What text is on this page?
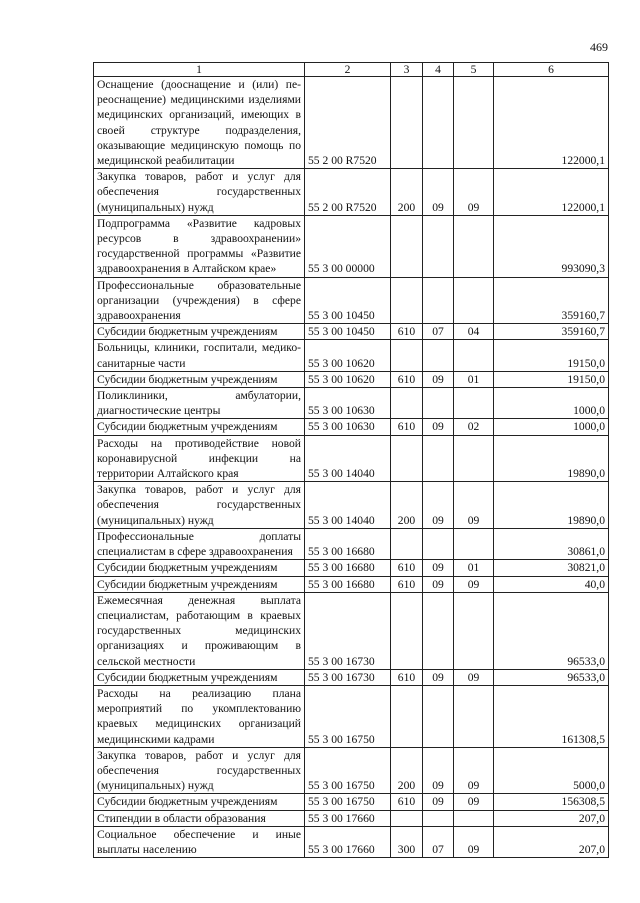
469
1	2	3	4	5	6
Оснащение (дооснащение и (или) пе-реоснащение) медицинскими изделиями медицинских организаций, имеющих в своей структуре подразделения, оказывающие медицинскую помощь по медицинской реабилитации	55 2 00 R7520				122000,1
Закупка товаров, работ и услуг для обеспечения государственных (муниципальных) нужд	55 2 00 R7520	200	09	09	122000,1
Подпрограмма «Развитие кадровых ресурсов в здравоохранении» государственной программы «Развитие здравоохранения в Алтайском крае»	55 3 00 00000				993090,3
Профессиональные образовательные организации (учреждения) в сфере здравоохранения	55 3 00 10450				359160,7
Субсидии бюджетным учреждениям	55 3 00 10450	610	07	04	359160,7
Больницы, клиники, госпитали, медико-санитарные части	55 3 00 10620				19150,0
Субсидии бюджетным учреждениям	55 3 00 10620	610	09	01	19150,0
Поликлиники, амбулатории, диагностические центры	55 3 00 10630				1000,0
Субсидии бюджетным учреждениям	55 3 00 10630	610	09	02	1000,0
Расходы на противодействие новой коронавирусной инфекции на территории Алтайского края	55 3 00 14040				19890,0
Закупка товаров, работ и услуг для обеспечения государственных (муниципальных) нужд	55 3 00 14040	200	09	09	19890,0
Профессиональные доплаты специалистам в сфере здравоохранения	55 3 00 16680				30861,0
Субсидии бюджетным учреждениям	55 3 00 16680	610	09	01	30821,0
Субсидии бюджетным учреждениям	55 3 00 16680	610	09	09	40,0
Ежемесячная денежная выплата специалистам, работающим в краевых государственных медицинских организациях и проживающим в сельской местности	55 3 00 16730				96533,0
Субсидии бюджетным учреждениям	55 3 00 16730	610	09	09	96533,0
Расходы на реализацию плана мероприятий по укомплектованию краевых медицинских организаций медицинскими кадрами	55 3 00 16750				161308,5
Закупка товаров, работ и услуг для обеспечения государственных (муниципальных) нужд	55 3 00 16750	200	09	09	5000,0
Субсидии бюджетным учреждениям	55 3 00 16750	610	09	09	156308,5
Стипендии в области образования	55 3 00 17660				207,0
Социальное обеспечение и иные выплаты населению	55 3 00 17660	300	07	09	207,0
